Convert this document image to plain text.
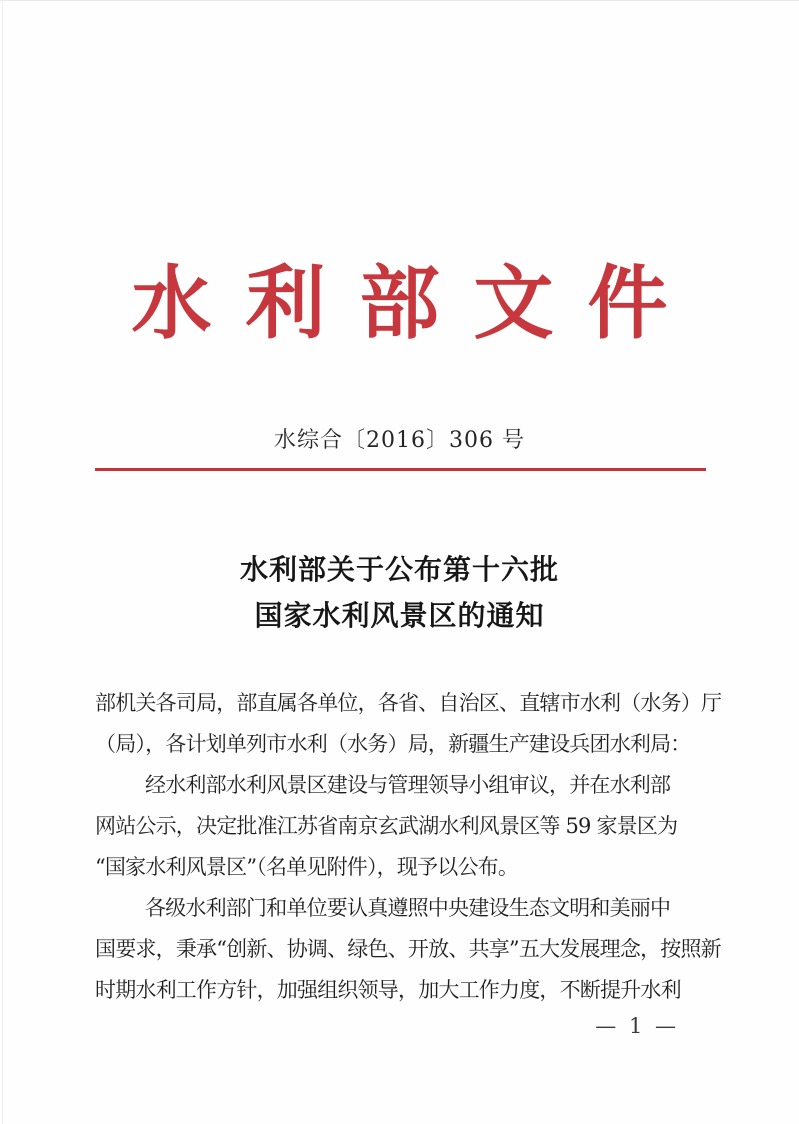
水利部文件
水综合〔2016〕306 号
水利部关于公布第十六批
国家水利风景区的通知
部机关各司局，部直属各单位，各省、自治区、直辖市水利（水务）厅
（局），各计划单列市水利（水务）局，新疆生产建设兵团水利局：
经水利部水利风景区建设与管理领导小组审议，并在水利部
网站公示，决定批准江苏省南京玄武湖水利风景区等 59 家景区为
“国家水利风景区”（名单见附件），现予以公布。
各级水利部门和单位要认真遵照中央建设生态文明和美丽中
国要求，秉承“创新、协调、绿色、开放、共享”五大发展理念，按照新
时期水利工作方针，加强组织领导，加大工作力度，不断提升水利
— 1 —
